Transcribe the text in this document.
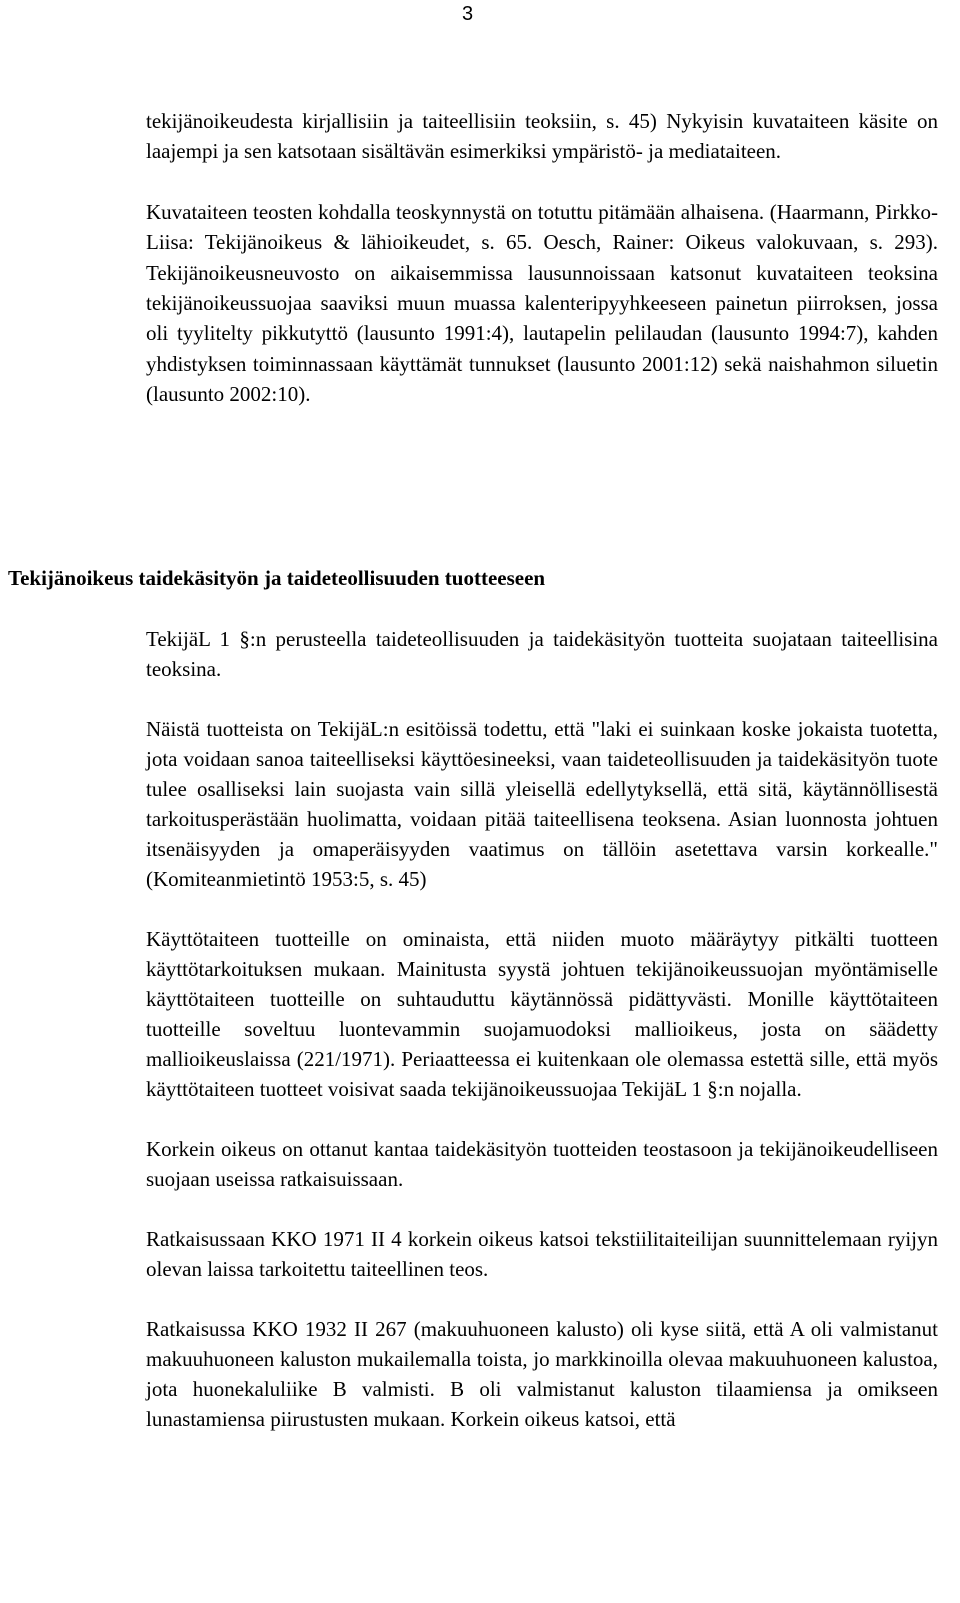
3

tekijänoikeudesta kirjallisiin ja taiteellisiin teoksiin, s. 45) Nykyisin kuvataiteen käsite on laajempi ja sen katsotaan sisältävän esimerkiksi ympäristö- ja mediataiteen.

Kuvataiteen teosten kohdalla teoskynnystä on totuttu pitämään alhaisena. (Haarmann, Pirkko-Liisa: Tekijänoikeus & lähioikeudet, s. 65. Oesch, Rainer: Oikeus valokuvaan, s. 293). Tekijänoikeusneuvosto on aikaisemmissa lausunnoissaan katsonut kuvataiteen teoksina tekijänoikeussuojaa saaviksi muun muassa kalenteripyyhkeeseen painetun piirroksen, jossa oli tyylitelty pikkutyttö (lausunto 1991:4), lautapelin pelilaudan (lausunto 1994:7), kahden yhdistyksen toiminnassaan käyttämät tunnukset (lausunto 2001:12) sekä naishahmon siluetin (lausunto 2002:10).

Tekijänoikeus taidekäsityön ja taideteollisuuden tuotteeseen

TekijäL 1 §:n perusteella taideteollisuuden ja taidekäsityön tuotteita suojataan taiteellisina teoksina.

Näistä tuotteista on TekijäL:n esitöissä todettu, että "laki ei suinkaan koske jokaista tuotetta, jota voidaan sanoa taiteelliseksi käyttöesineeksi, vaan taideteollisuuden ja taidekäsityön tuote tulee osalliseksi lain suojasta vain sillä yleisellä edellytyksellä, että sitä, käytännöllisestä tarkoitusperästään huolimatta, voidaan pitää taiteellisena teoksena. Asian luonnosta johtuen itsenäisyyden ja omaperäisyyden vaatimus on tällöin asetettava varsin korkealle." (Komiteanmietintö 1953:5, s. 45)

Käyttötaiteen tuotteille on ominaista, että niiden muoto määräytyy pitkälti tuotteen käyttötarkoituksen mukaan. Mainitusta syystä johtuen tekijänoikeussuojan myöntämiselle käyttötaiteen tuotteille on suhtauduttu käytännössä pidättyvästi. Monille käyttötaiteen tuotteille soveltuu luontevammin suojamuodoksi mallioikeus, josta on säädetty mallioikeuslaissa (221/1971). Periaatteessa ei kuitenkaan ole olemassa estettä sille, että myös käyttötaiteen tuotteet voisivat saada tekijänoikeussuojaa TekijäL 1 §:n nojalla.

Korkein oikeus on ottanut kantaa taidekäsityön tuotteiden teostasoon ja tekijänoikeudelliseen suojaan useissa ratkaisuissaan.

Ratkaisussaan KKO 1971 II 4 korkein oikeus katsoi tekstiilitaiteilijan suunnittelemaan ryijyn olevan laissa tarkoitettu taiteellinen teos.

Ratkaisussa KKO 1932 II 267 (makuuhuoneen kalusto) oli kyse siitä, että A oli valmistanut makuuhuoneen kaluston mukailemalla toista, jo markkinoilla olevaa makuuhuoneen kalustoa, jota huonekaluliike B valmisti. B oli valmistanut kaluston tilaamiensa ja omikseen lunastamiensa piirustusten mukaan. Korkein oikeus katsoi, että
